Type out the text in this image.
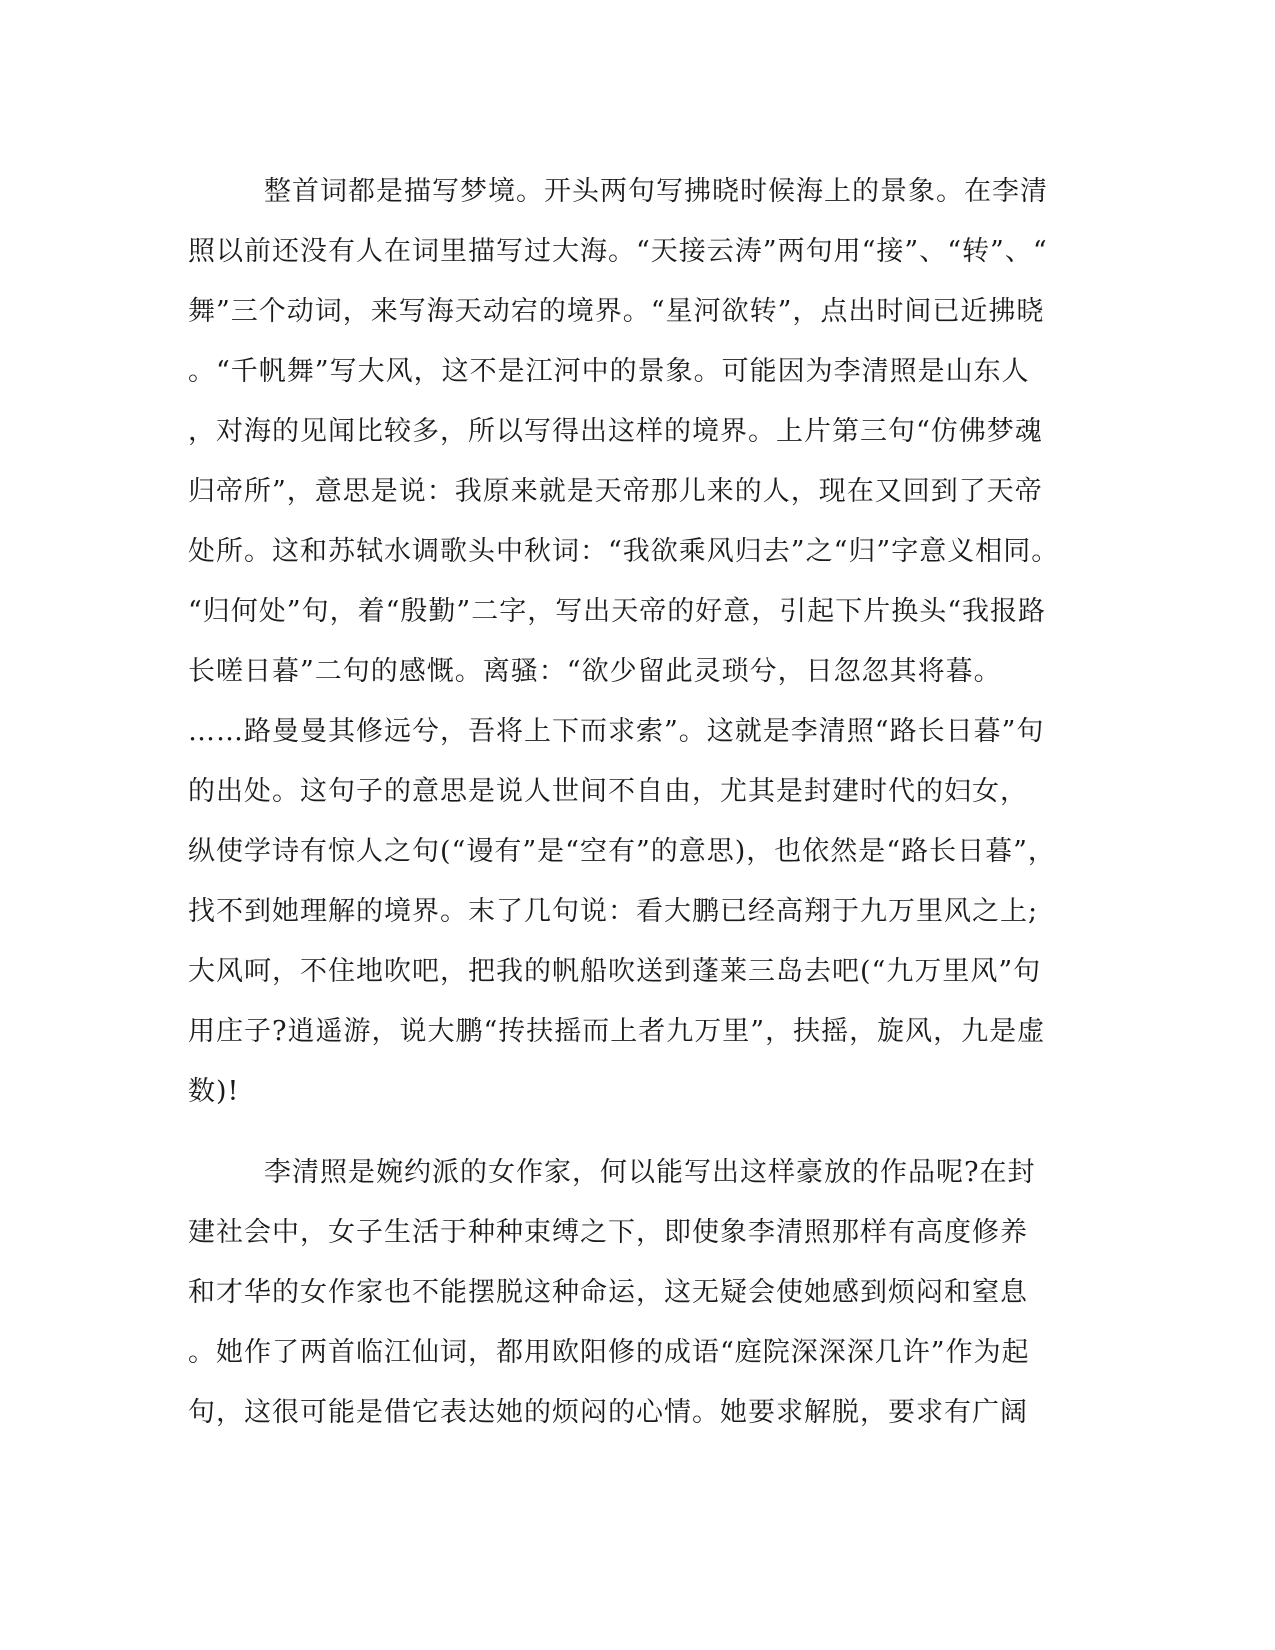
整首词都是描写梦境。开头两句写拂晓时候海上的景象。在李清
照以前还没有人在词里描写过大海。“天接云涛”两句用“接”、“转”、“
舞”三个动词，来写海天动宕的境界。“星河欲转”，点出时间已近拂晓
。“千帆舞”写大风，这不是江河中的景象。可能因为李清照是山东人
，对海的见闻比较多，所以写得出这样的境界。上片第三句“仿佛梦魂
归帝所”，意思是说：我原来就是天帝那儿来的人，现在又回到了天帝
处所。这和苏轼水调歌头中秋词：“我欲乘风归去”之“归”字意义相同。
“归何处”句，着“殷勤”二字，写出天帝的好意，引起下片换头“我报路
长嗟日暮”二句的感慨。离骚：“欲少留此灵琐兮，日忽忽其将暮。
……路曼曼其修远兮，吾将上下而求索”。这就是李清照“路长日暮”句
的出处。这句子的意思是说人世间不自由，尤其是封建时代的妇女，
纵使学诗有惊人之句(“谩有”是“空有”的意思)，也依然是“路长日暮”，
找不到她理解的境界。末了几句说：看大鹏已经高翔于九万里风之上;
大风呵，不住地吹吧，把我的帆船吹送到蓬莱三岛去吧(“九万里风”句
用庄子?逍遥游，说大鹏“抟扶摇而上者九万里”，扶摇，旋风，九是虚
数)!
李清照是婉约派的女作家，何以能写出这样豪放的作品呢?在封
建社会中，女子生活于种种束缚之下，即使象李清照那样有高度修养
和才华的女作家也不能摆脱这种命运，这无疑会使她感到烦闷和窒息
。她作了两首临江仙词，都用欧阳修的成语“庭院深深深几许”作为起
句，这很可能是借它表达她的烦闷的心情。她要求解脱，要求有广阔
